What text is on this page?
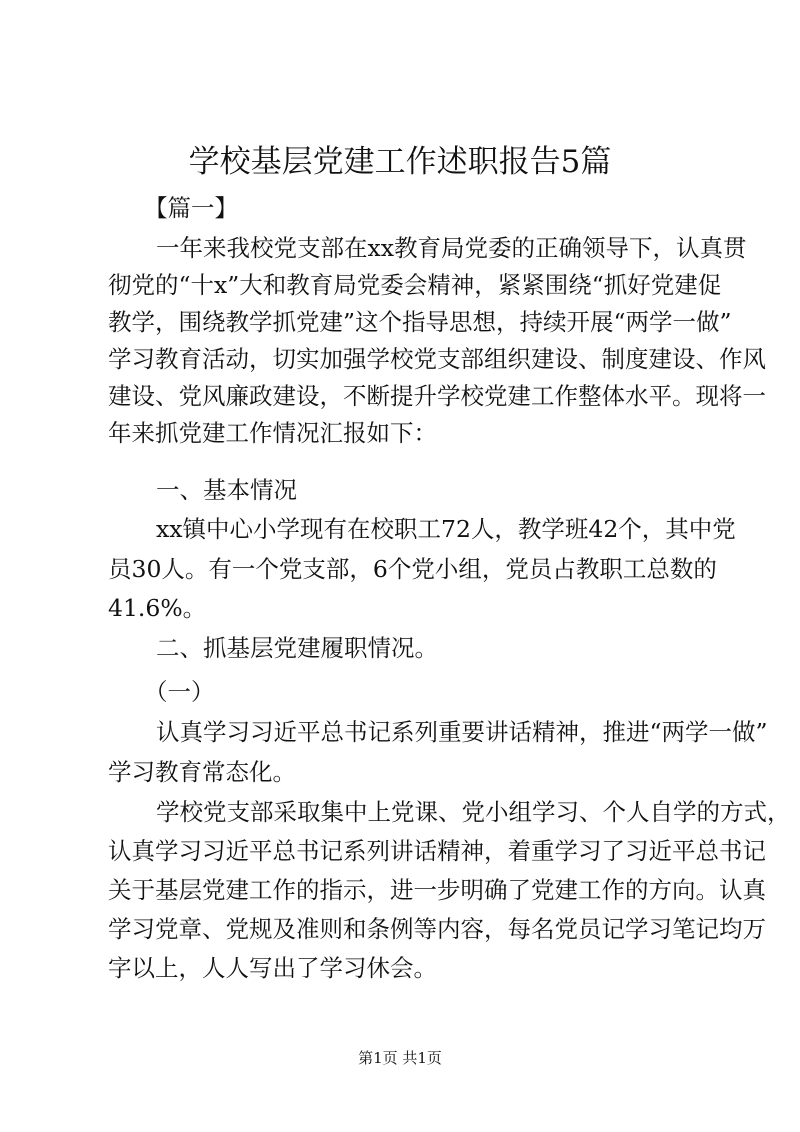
学校基层党建工作述职报告5篇
【篇一】
一年来我校党支部在xx教育局党委的正确领导下，认真贯
彻党的“十x”大和教育局党委会精神，紧紧围绕“抓好党建促
教学，围绕教学抓党建”这个指导思想，持续开展“两学一做”
学习教育活动，切实加强学校党支部组织建设、制度建设、作风
建设、党风廉政建设，不断提升学校党建工作整体水平。现将一
年来抓党建工作情况汇报如下：
一、基本情况
xx镇中心小学现有在校职工72人，教学班42个，其中党
员30人。有一个党支部，6个党小组，党员占教职工总数的
41.6%。
二、抓基层党建履职情况。
（一）
认真学习习近平总书记系列重要讲话精神，推进“两学一做”
学习教育常态化。
学校党支部采取集中上党课、党小组学习、个人自学的方式，
认真学习习近平总书记系列讲话精神，着重学习了习近平总书记
关于基层党建工作的指示，进一步明确了党建工作的方向。认真
学习党章、党规及准则和条例等内容，每名党员记学习笔记均万
字以上，人人写出了学习休会。
第1页 共1页
